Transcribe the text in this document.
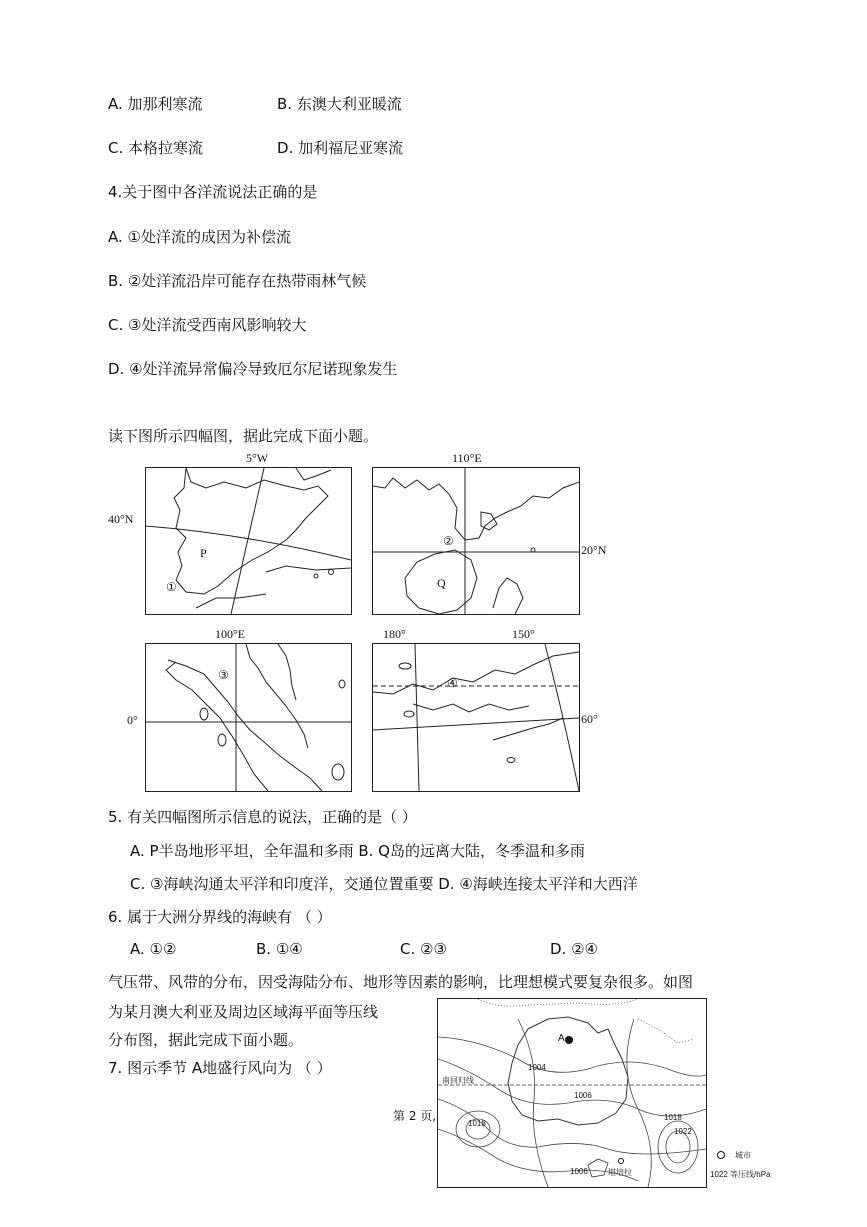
A. 加那利寒流	B. 东澳大利亚暖流
C. 本格拉寒流	D. 加利福尼亚寒流
4.关于图中各洋流说法正确的是
A. ①处洋流的成因为补偿流
B. ②处洋流沿岸可能存在热带雨林气候
C. ③处洋流受西南风影响较大
D. ④处洋流异常偏冷导致厄尔尼诺现象发生
读下图所示四幅图，据此完成下面小题。
5°W
40°N
P
①
110°E
20°N
②
Q
100°E
0°
③
180°	150°
60°
④
5. 有关四幅图所示信息的说法，正确的是（ ）
A. P半岛地形平坦，全年温和多雨 B. Q岛的远离大陆，冬季温和多雨
C. ③海峡沟通太平洋和印度洋，交通位置重要 D. ④海峡连接太平洋和大西洋
6. 属于大洲分界线的海峡有 （ ）
A. ①②	B. ①④	C. ②③	D. ②④
气压带、风带的分布，因受海陆分布、地形等因素的影响，比理想模式要复杂很多。如图
为某月澳大利亚及周边区域海平面等压线
分布图，据此完成下面小题。
7. 图示季节 A地盛行风向为 （ ）
第 2 页,
A
南回归线
1004
1006
1018
1018
1022
1006	堪培拉
城市
1022 等压线/hPa
